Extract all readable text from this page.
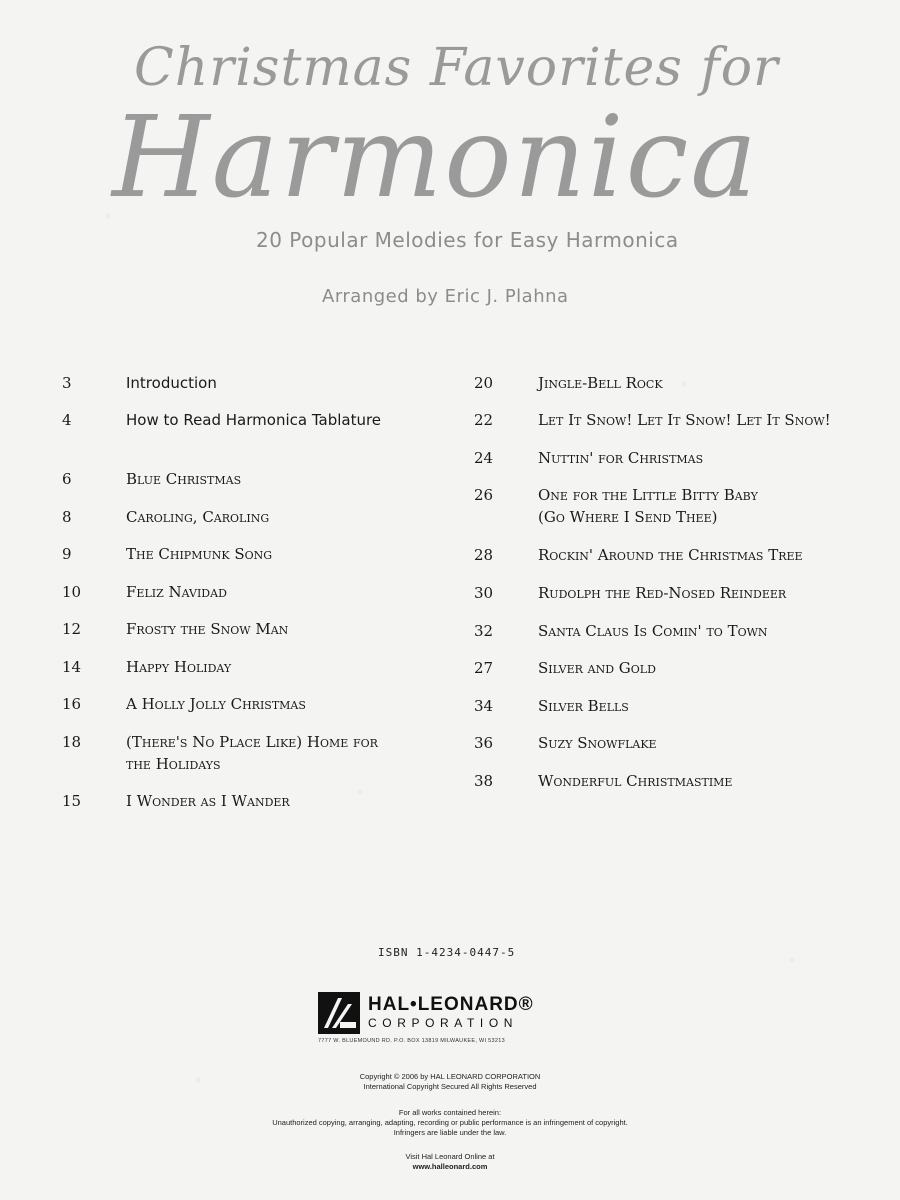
Christmas Favorites for
Harmonica
20 Popular Melodies for Easy Harmonica
Arranged by Eric J. Plahna
3	Introduction
4	How to Read Harmonica Tablature
6	Blue Christmas
8	Caroling, Caroling
9	The Chipmunk Song
10	Feliz Navidad
12	Frosty the Snow Man
14	Happy Holiday
16	A Holly Jolly Christmas
18	(There's No Place Like) Home for
the Holidays
15	I Wonder as I Wander
20	Jingle-Bell Rock
22	Let It Snow! Let It Snow! Let It Snow!
24	Nuttin' for Christmas
26	One for the Little Bitty Baby
(Go Where I Send Thee)
28	Rockin' Around the Christmas Tree
30	Rudolph the Red-Nosed Reindeer
32	Santa Claus Is Comin' to Town
27	Silver and Gold
34	Silver Bells
36	Suzy Snowflake
38	Wonderful Christmastime
ISBN 1-4234-0447-5
HAL•LEONARD®
CORPORATION
7777 W. BLUEMOUND RD. P.O. BOX 13819 MILWAUKEE, WI 53213
Copyright © 2006 by HAL LEONARD CORPORATION
International Copyright Secured All Rights Reserved
For all works contained herein:
Unauthorized copying, arranging, adapting, recording or public performance is an infringement of copyright.
Infringers are liable under the law.
Visit Hal Leonard Online at
www.halleonard.com
